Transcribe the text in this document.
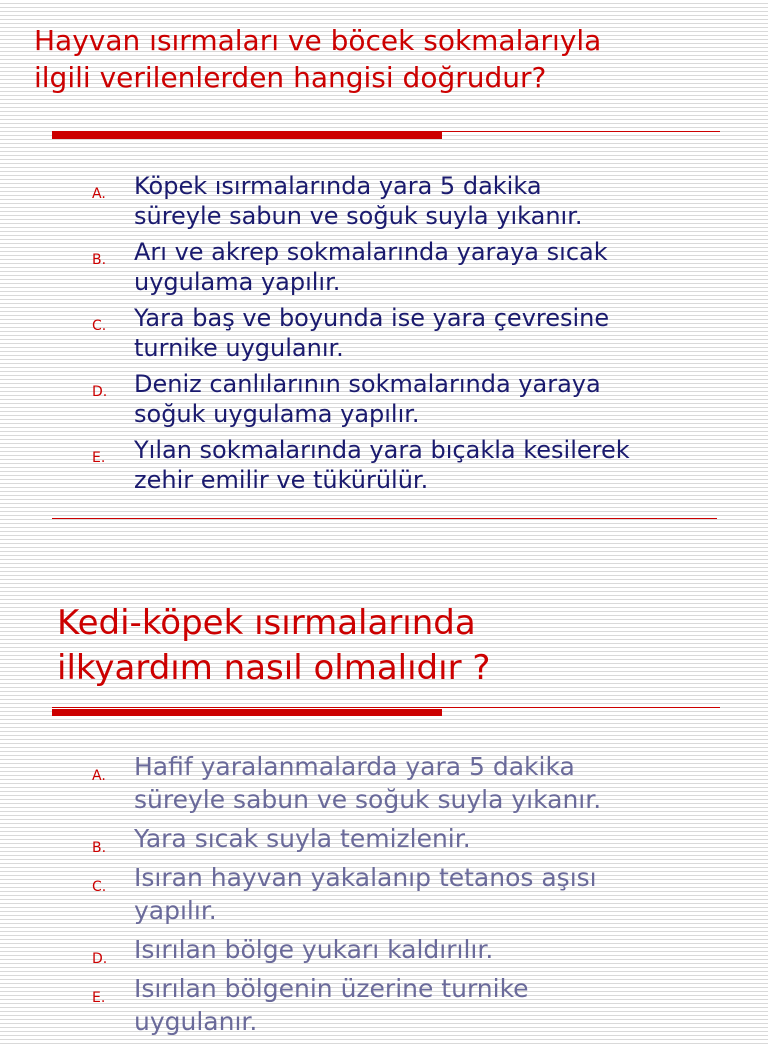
Hayvan ısırmaları ve böcek sokmalarıyla
ilgili verilenlerden hangisi doğrudur?
A. Köpek ısırmalarında yara 5 dakika
süreyle sabun ve soğuk suyla yıkanır.
B. Arı ve akrep sokmalarında yaraya sıcak
uygulama yapılır.
C. Yara baş ve boyunda ise yara çevresine
turnike uygulanır.
D. Deniz canlılarının sokmalarında yaraya
soğuk uygulama yapılır.
E. Yılan sokmalarında yara bıçakla kesilerek
zehir emilir ve tükürülür.
Kedi-köpek ısırmalarında
ilkyardım nasıl olmalıdır ?
A. Hafif yaralanmalarda yara 5 dakika
süreyle sabun ve soğuk suyla yıkanır.
B. Yara sıcak suyla temizlenir.
C. Isıran hayvan yakalanıp tetanos aşısı
yapılır.
D. Isırılan bölge yukarı kaldırılır.
E. Isırılan bölgenin üzerine turnike
uygulanır.
